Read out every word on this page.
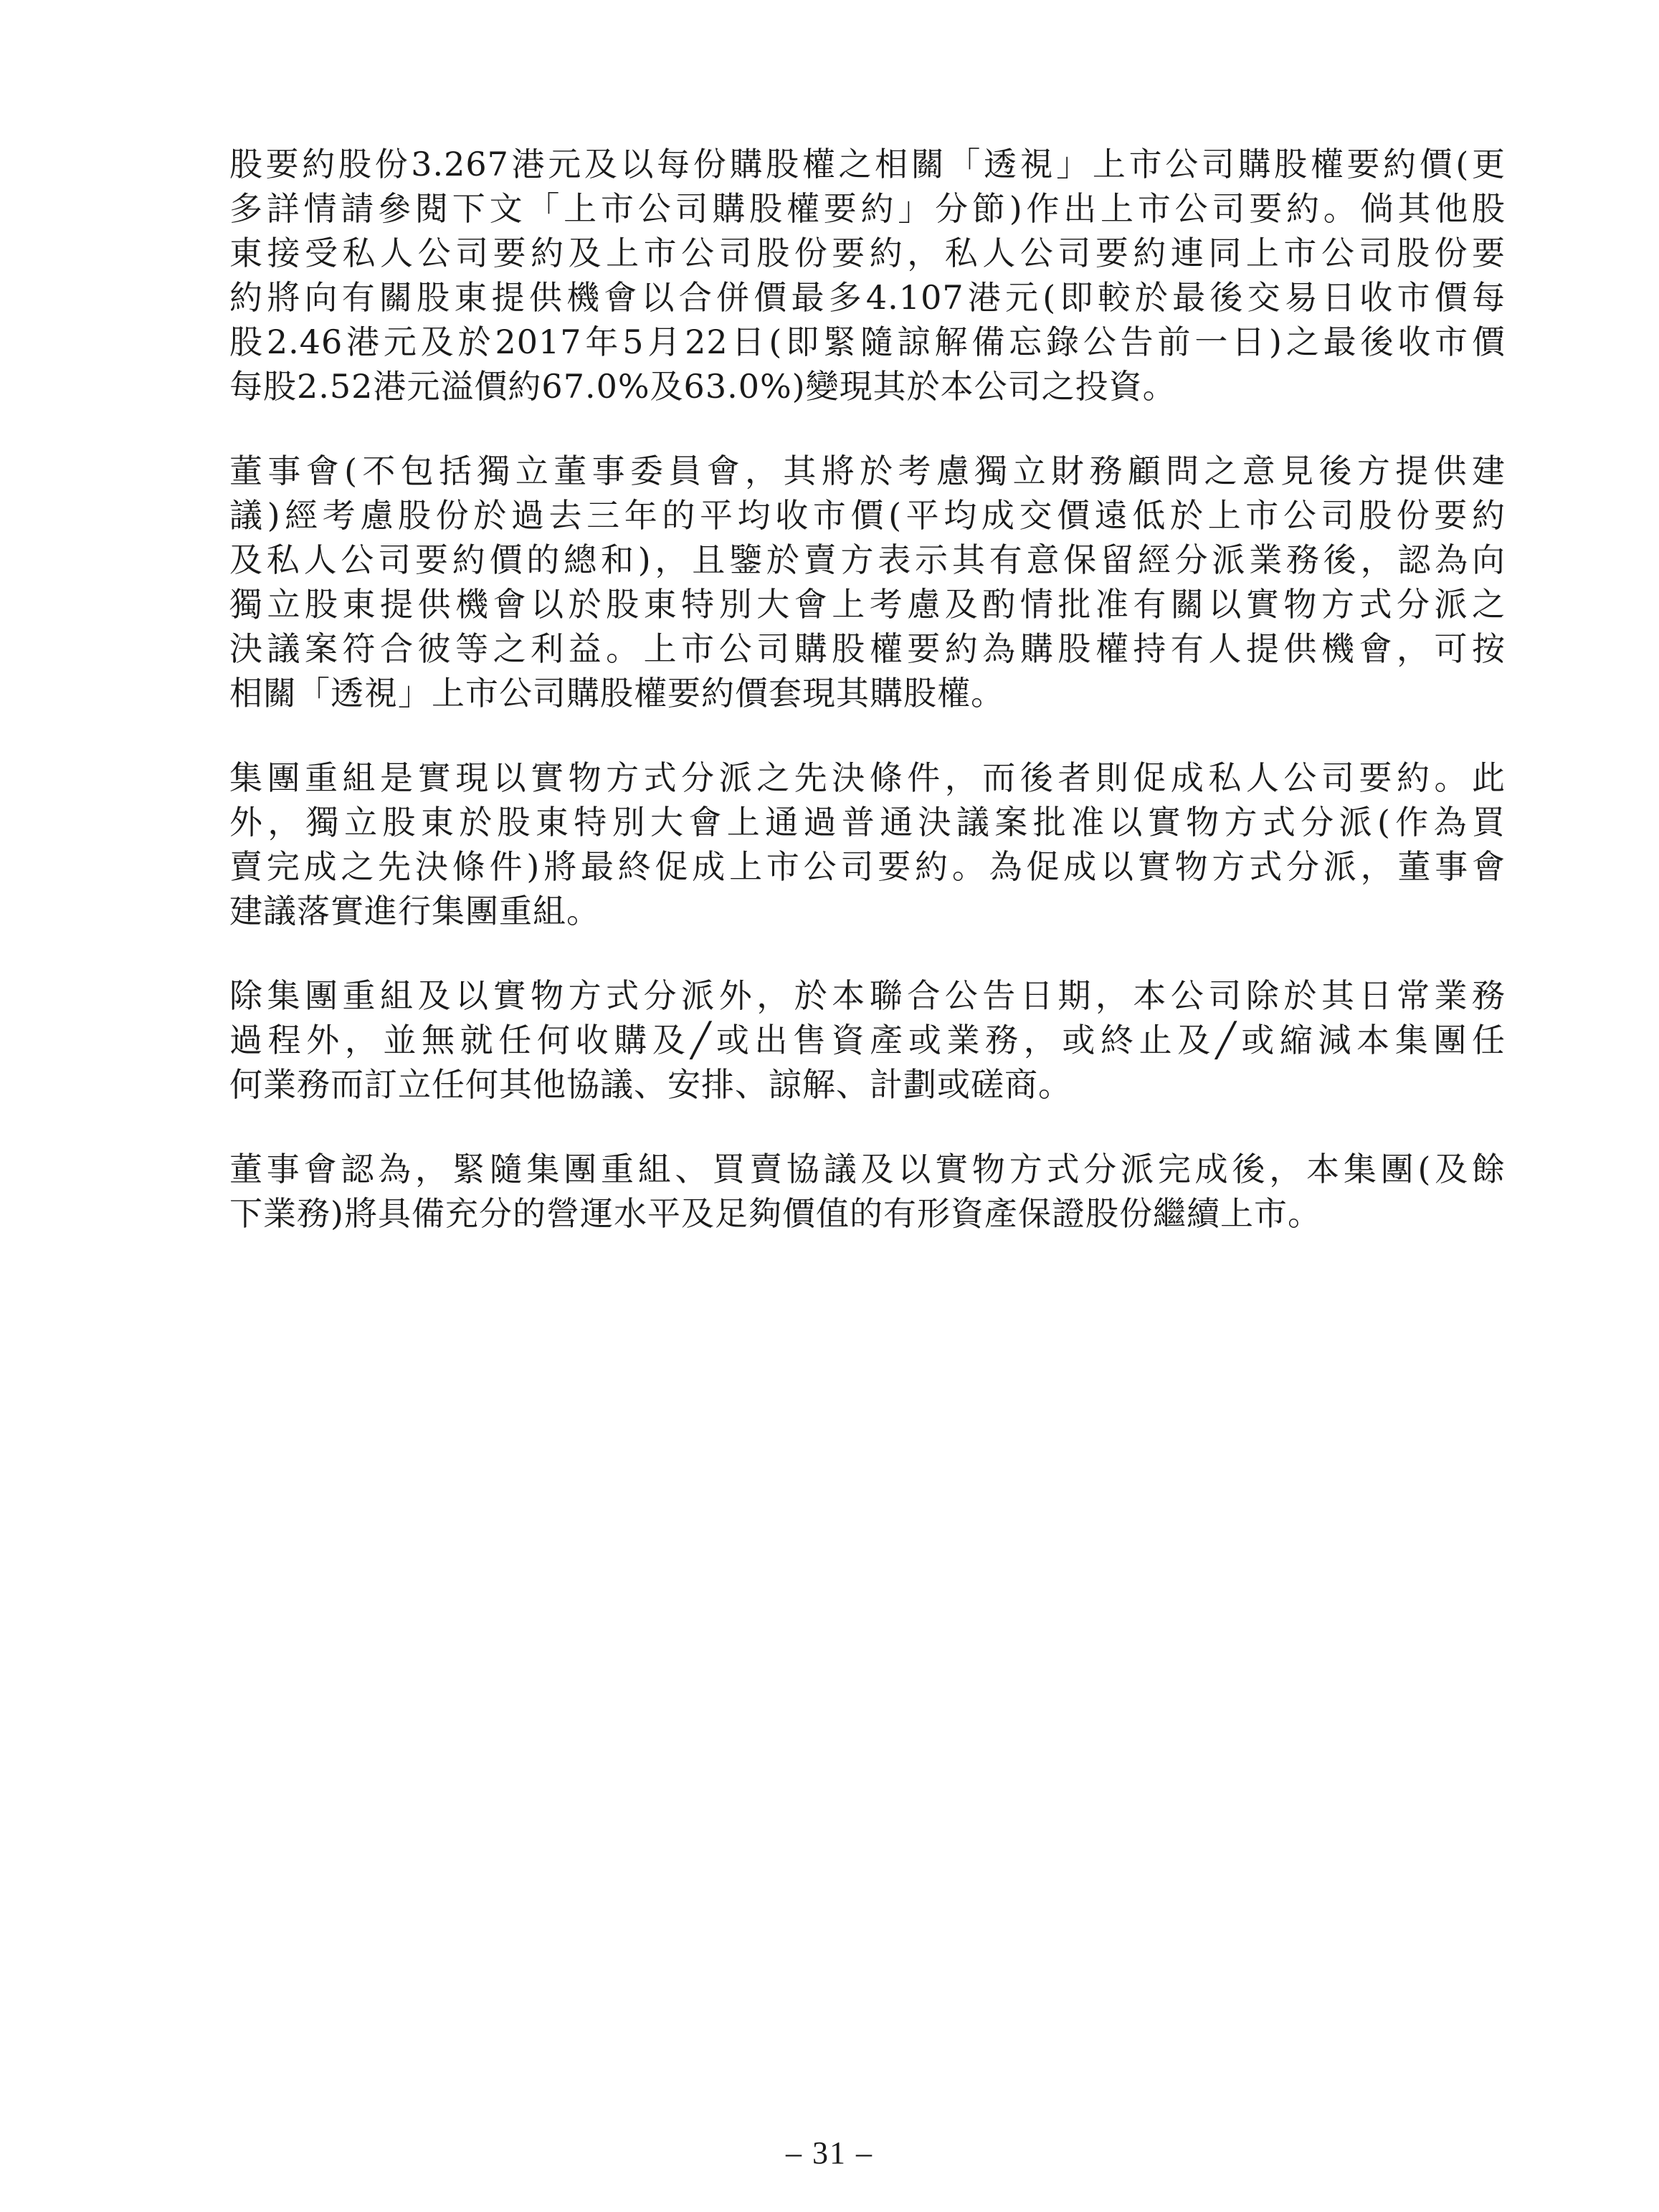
股要約股份3.267港元及以每份購股權之相關「透視」上市公司購股權要約價(更
多詳情請參閱下文「上市公司購股權要約」分節)作出上市公司要約。倘其他股
東接受私人公司要約及上市公司股份要約，私人公司要約連同上市公司股份要
約將向有關股東提供機會以合併價最多4.107港元(即較於最後交易日收市價每
股2.46港元及於2017年5月22日(即緊隨諒解備忘錄公告前一日)之最後收市價
每股2.52港元溢價約67.0%及63.0%)變現其於本公司之投資。

董事會(不包括獨立董事委員會，其將於考慮獨立財務顧問之意見後方提供建
議)經考慮股份於過去三年的平均收市價(平均成交價遠低於上市公司股份要約
及私人公司要約價的總和)，且鑒於賣方表示其有意保留經分派業務後，認為向
獨立股東提供機會以於股東特別大會上考慮及酌情批准有關以實物方式分派之
決議案符合彼等之利益。上市公司購股權要約為購股權持有人提供機會，可按
相關「透視」上市公司購股權要約價套現其購股權。

集團重組是實現以實物方式分派之先決條件，而後者則促成私人公司要約。此
外，獨立股東於股東特別大會上通過普通決議案批准以實物方式分派(作為買
賣完成之先決條件)將最終促成上市公司要約。為促成以實物方式分派，董事會
建議落實進行集團重組。

除集團重組及以實物方式分派外，於本聯合公告日期，本公司除於其日常業務
過程外，並無就任何收購及╱或出售資產或業務，或終止及╱或縮減本集團任
何業務而訂立任何其他協議、安排、諒解、計劃或磋商。

董事會認為，緊隨集團重組、買賣協議及以實物方式分派完成後，本集團(及餘
下業務)將具備充分的營運水平及足夠價值的有形資產保證股份繼續上市。

– 31 –
